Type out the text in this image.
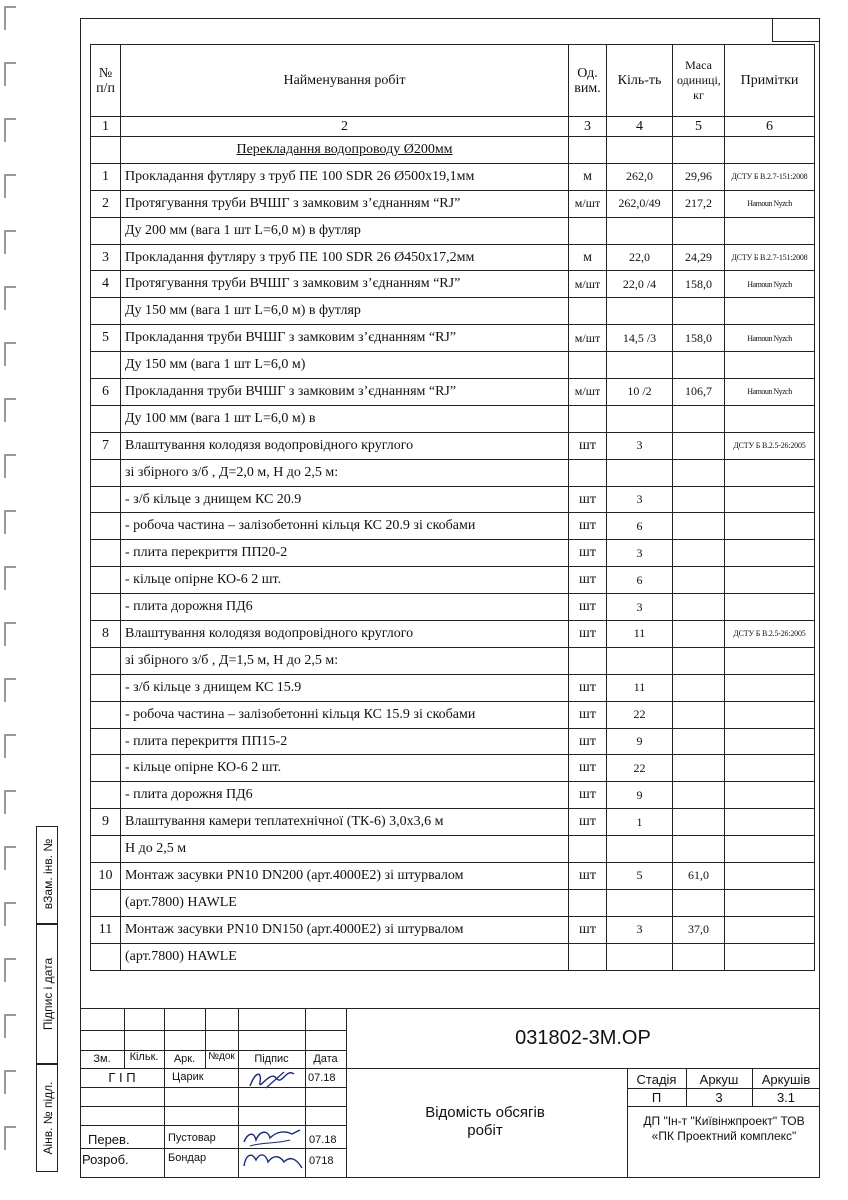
№ п/п	Найменування робіт	Од. вим.	Кіль-ть	Маса одиниці, кг	Примітки
1	2	3	4	5	6
	Перекладання водопроводу Ø200мм				
1	Прокладання футляру з труб ПЕ 100 SDR 26 Ø500х19,1мм	м	262,0	29,96	ДСТУ Б В.2.7-151:2008
2	Протягування труби ВЧШГ з замковим з’єднанням “RJ”	м/шт	262,0/49	217,2	Hamoun Nyzch
	Ду 200 мм (вага 1 шт L=6,0 м) в футляр				
3	Прокладання футляру з труб ПЕ 100 SDR 26 Ø450х17,2мм	м	22,0	24,29	ДСТУ Б В.2.7-151:2008
4	Протягування труби ВЧШГ з замковим з’єднанням “RJ”	м/шт	22,0 /4	158,0	Hamoun Nyzch
	Ду 150 мм (вага 1 шт L=6,0 м) в футляр				
5	Прокладання труби ВЧШГ з замковим з’єднанням “RJ”	м/шт	14,5 /3	158,0	Hamoun Nyzch
	Ду 150 мм (вага 1 шт L=6,0 м)				
6	Прокладання труби ВЧШГ з замковим з’єднанням “RJ”	м/шт	10 /2	106,7	Hamoun Nyzch
	Ду 100 мм (вага 1 шт L=6,0 м) в				
7	Влаштування колодязя водопровідного круглого	шт	3		ДСТУ Б В.2.5-26:2005
	зі збірного з/б , Д=2,0 м, Н до 2,5 м:				
	- з/б кільце з днищем КС 20.9	шт	3		
	- робоча частина – залізобетонні кільця КС 20.9 зі скобами	шт	6		
	- плита перекриття ПП20-2	шт	3		
	- кільце опірне КО-6 2 шт.	шт	6		
	- плита дорожня ПД6	шт	3		
8	Влаштування колодязя водопровідного круглого	шт	11		ДСТУ Б В.2.5-26:2005
	зі збірного з/б , Д=1,5 м, Н до 2,5 м:				
	- з/б кільце з днищем КС 15.9	шт	11		
	- робоча частина – залізобетонні кільця КС 15.9 зі скобами	шт	22		
	- плита перекриття ПП15-2	шт	9		
	- кільце опірне КО-6 2 шт.	шт	22		
	- плита дорожня ПД6	шт	9		
9	Влаштування камери теплатехнічної (ТК-6) 3,0х3,6 м	шт	1		
	Н до 2,5 м				
10	Монтаж засувки PN10 DN200 (арт.4000E2) зі штурвалом	шт	5	61,0	
	(арт.7800) HAWLE				
11	Монтаж засувки PN10 DN150 (арт.4000E2) зі штурвалом	шт	3	37,0	
	(арт.7800) HAWLE				
вЗам. інв. №
Підпис і дата
Аінв. № підл.
031802-3М.ОР
Зм.	Кільк.	Арк.	№док	Підпис	Дата
Г І П	Царик	07.18
Перев.	Пустовар	07.18
Розроб.	Бондар	0718
Відомість обсягів робіт
Стадія	Аркуш	Аркушів
П	3	3.1
ДП "Ін-т "Київінжпроект" ТОВ «ПК Проектний комплекс"
